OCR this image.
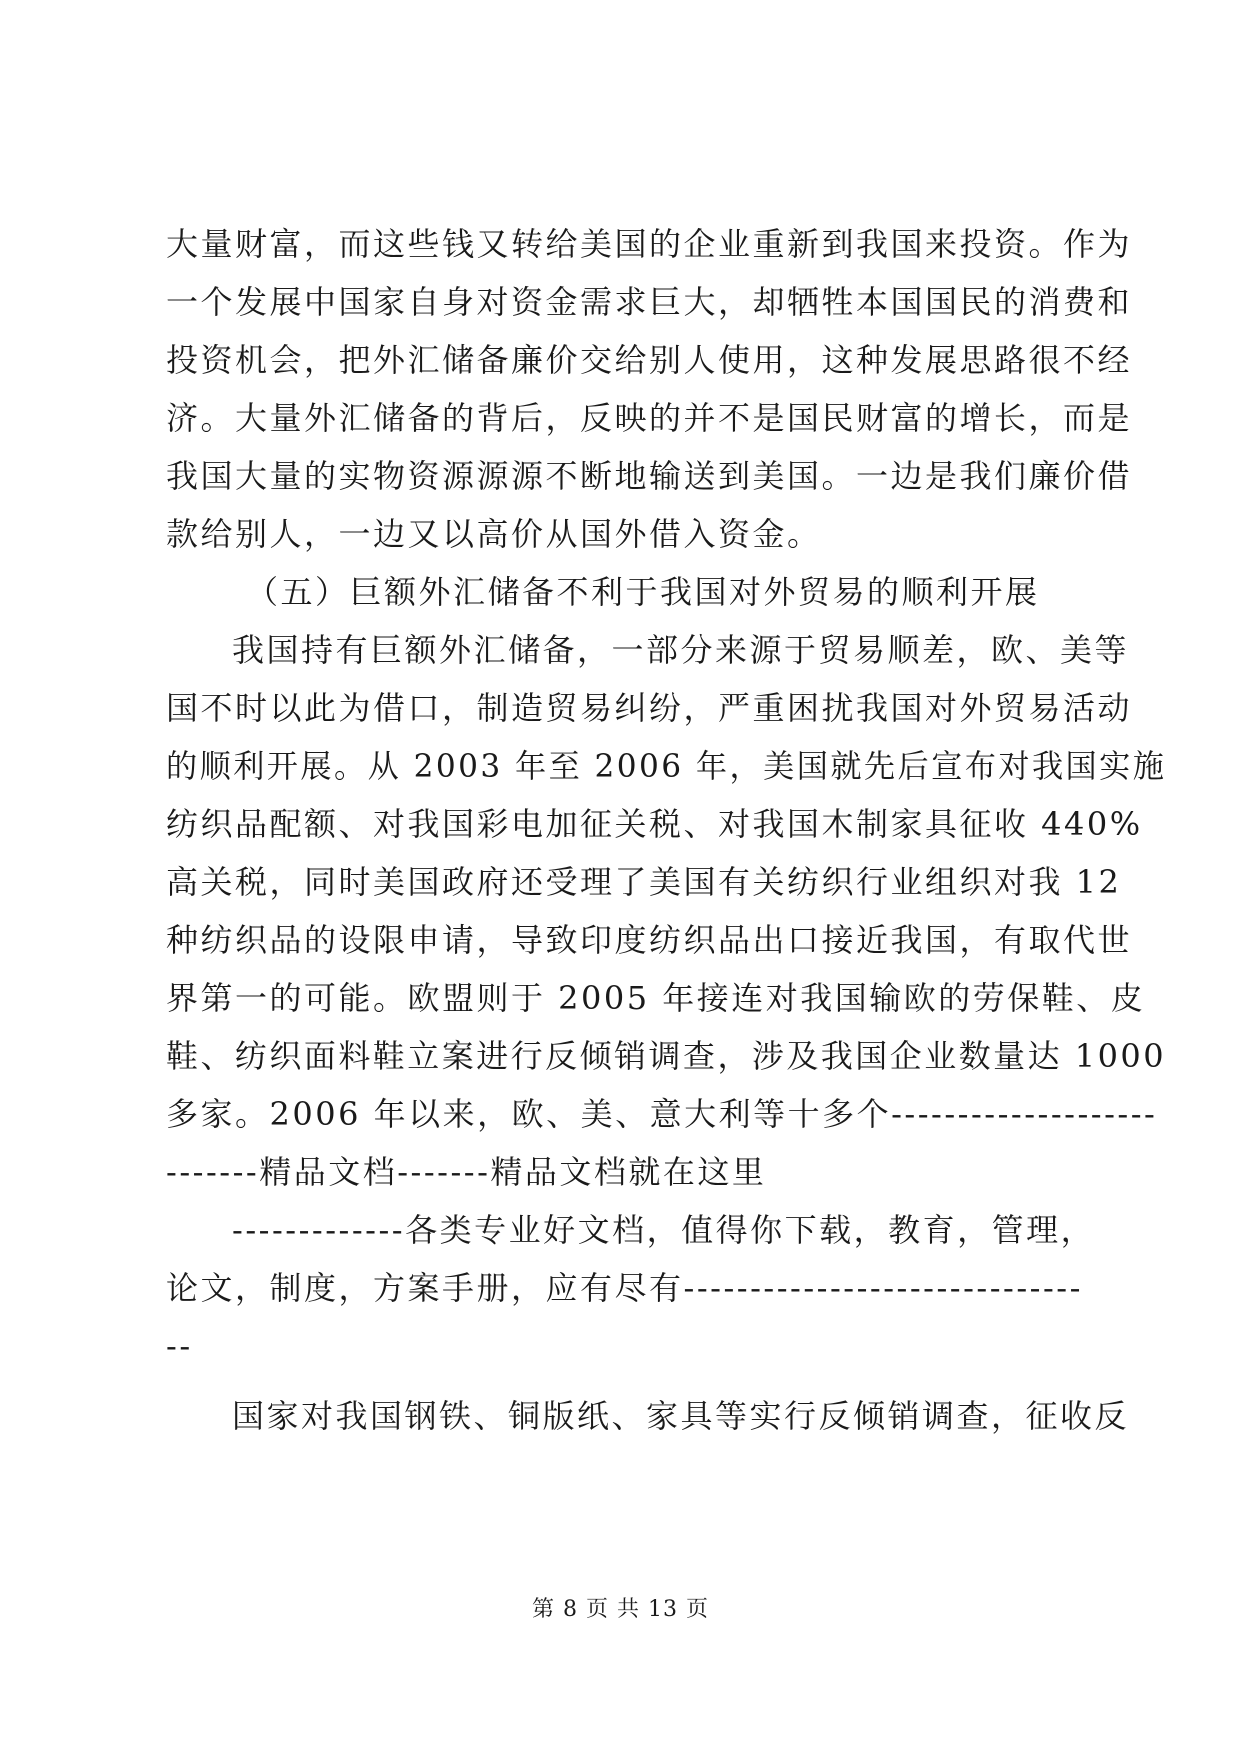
大量财富，而这些钱又转给美国的企业重新到我国来投资。作为
一个发展中国家自身对资金需求巨大，却牺牲本国国民的消费和
投资机会，把外汇储备廉价交给别人使用，这种发展思路很不经
济。大量外汇储备的背后，反映的并不是国民财富的增长，而是
我国大量的实物资源源源不断地输送到美国。一边是我们廉价借
款给别人，一边又以高价从国外借入资金。
（五）巨额外汇储备不利于我国对外贸易的顺利开展
我国持有巨额外汇储备，一部分来源于贸易顺差，欧、美等
国不时以此为借口，制造贸易纠纷，严重困扰我国对外贸易活动
的顺利开展。从 2003 年至 2006 年，美国就先后宣布对我国实施
纺织品配额、对我国彩电加征关税、对我国木制家具征收 440%
高关税，同时美国政府还受理了美国有关纺织行业组织对我 12
种纺织品的设限申请，导致印度纺织品出口接近我国，有取代世
界第一的可能。欧盟则于 2005 年接连对我国输欧的劳保鞋、皮
鞋、纺织面料鞋立案进行反倾销调查，涉及我国企业数量达 1000
多家。2006 年以来，欧、美、意大利等十多个--------------------
-------精品文档-------精品文档就在这里
-------------各类专业好文档，值得你下载，教育，管理，
论文，制度，方案手册，应有尽有------------------------------
--
国家对我国钢铁、铜版纸、家具等实行反倾销调查，征收反
第 8 页 共 13 页
